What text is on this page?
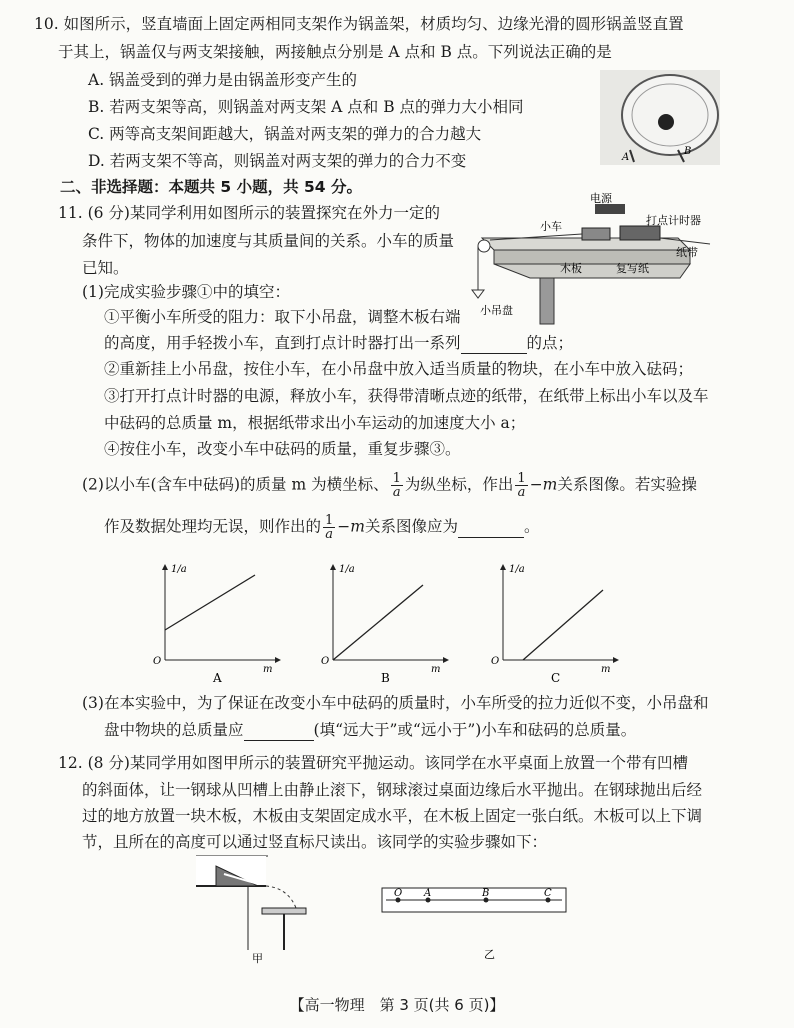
10. 如图所示，竖直墙面上固定两相同支架作为锅盖架，材质均匀、边缘光滑的圆形锅盖竖直置
于其上，锅盖仅与两支架接触，两接触点分别是 A 点和 B 点。下列说法正确的是
A. 锅盖受到的弹力是由锅盖形变产生的
B. 若两支架等高，则锅盖对两支架 A 点和 B 点的弹力大小相同
C. 两等高支架间距越大，锅盖对两支架的弹力的合力越大
D. 若两支架不等高，则锅盖对两支架的弹力的合力不变	A
B
二、非选择题：本题共 5 小题，共 54 分。
11. (6 分)某同学利用如图所示的装置探究在外力一定的
条件下，物体的加速度与其质量间的关系。小车的质量
已知。
电源
小车	打点计时器
纸带
木板	复写纸
小吊盘
(1)完成实验步骤①中的填空：
①平衡小车所受的阻力：取下小吊盘，调整木板右端
的高度，用手轻拨小车，直到打点计时器打出一系列	的点；
②重新挂上小吊盘，按住小车，在小吊盘中放入适当质量的物块，在小车中放入砝码；
③打开打点计时器的电源，释放小车，获得带清晰点迹的纸带，在纸带上标出小车以及车
中砝码的总质量 m，根据纸带求出小车运动的加速度大小 a；
④按住小车，改变小车中砝码的质量，重复步骤③。
(2)以小车(含车中砝码)的质量 m 为横坐标、 $\frac{1}{a}$ 为纵坐标，作出 $\frac{1}{a} -m$关系图像。若实验操
作及数据处理均无误，则作出的 $\frac{1}{a} -m$关系图像应为	。
1/a
m
O
A
1/a
m
O
B
1/a
m
O
C
(3)在本实验中，为了保证在改变小车中砝码的质量时，小车所受的拉力近似不变，小吊盘和
盘中物块的总质量应	(填“远大于”或“远小于”)小车和砝码的总质量。
12. (8 分)某同学用如图甲所示的装置研究平抛运动。该同学在水平桌面上放置一个带有凹槽
的斜面体，让一钢球从凹槽上由静止滚下，钢球滚过桌面边缘后水平抛出。在钢球抛出后经
过的地方放置一块木板，木板由支架固定成水平，在木板上固定一张白纸。木板可以上下调
节，且所在的高度可以通过竖直标尺读出。该同学的实验步骤如下：
甲
O A	B	C
乙
【高一物理　第 3 页(共 6 页)】
